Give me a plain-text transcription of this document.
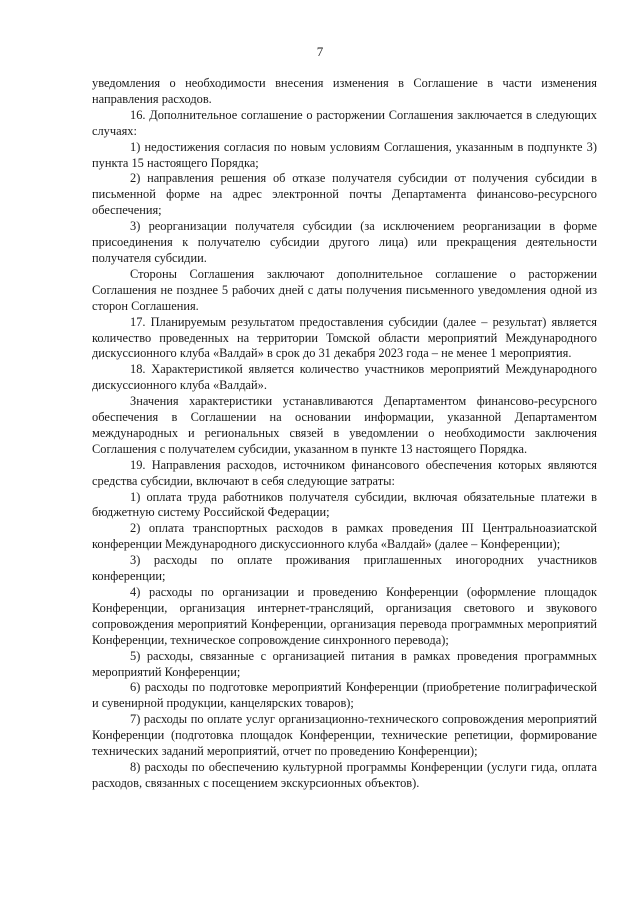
7

уведомления о необходимости внесения изменения в Соглашение в части изменения направления расходов.

16. Дополнительное соглашение о расторжении Соглашения заключается в следующих случаях:

1) недостижения согласия по новым условиям Соглашения, указанным в подпункте 3) пункта 15 настоящего Порядка;

2) направления решения об отказе получателя субсидии от получения субсидии в письменной форме на адрес электронной почты Департамента финансово-ресурсного обеспечения;

3) реорганизации получателя субсидии (за исключением реорганизации в форме присоединения к получателю субсидии другого лица) или прекращения деятельности получателя субсидии.

Стороны Соглашения заключают дополнительное соглашение о расторжении Соглашения не позднее 5 рабочих дней с даты получения письменного уведомления одной из сторон Соглашения.

17. Планируемым результатом предоставления субсидии (далее – результат) является количество проведенных на территории Томской области мероприятий Международного дискуссионного клуба «Валдай» в срок до 31 декабря 2023 года – не менее 1 мероприятия.

18. Характеристикой является количество участников мероприятий Международного дискуссионного клуба «Валдай».

Значения характеристики устанавливаются Департаментом финансово-ресурсного обеспечения в Соглашении на основании информации, указанной Департаментом международных и региональных связей в уведомлении о необходимости заключения Соглашения с получателем субсидии, указанном в пункте 13 настоящего Порядка.

19. Направления расходов, источником финансового обеспечения которых являются средства субсидии, включают в себя следующие затраты:

1) оплата труда работников получателя субсидии, включая обязательные платежи в бюджетную систему Российской Федерации;

2) оплата транспортных расходов в рамках проведения III Центральноазиатской конференции Международного дискуссионного клуба «Валдай» (далее – Конференции);

3) расходы по оплате проживания приглашенных иногородних участников конференции;

4) расходы по организации и проведению Конференции (оформление площадок Конференции, организация интернет-трансляций, организация светового и звукового сопровождения мероприятий Конференции, организация перевода программных мероприятий Конференции, техническое сопровождение синхронного перевода);

5) расходы, связанные с организацией питания в рамках проведения программных мероприятий Конференции;

6) расходы по подготовке мероприятий Конференции (приобретение полиграфической и сувенирной продукции, канцелярских товаров);

7) расходы по оплате услуг организационно-технического сопровождения мероприятий Конференции (подготовка площадок Конференции, технические репетиции, формирование технических заданий мероприятий, отчет по проведению Конференции);

8) расходы по обеспечению культурной программы Конференции (услуги гида, оплата расходов, связанных с посещением экскурсионных объектов).
